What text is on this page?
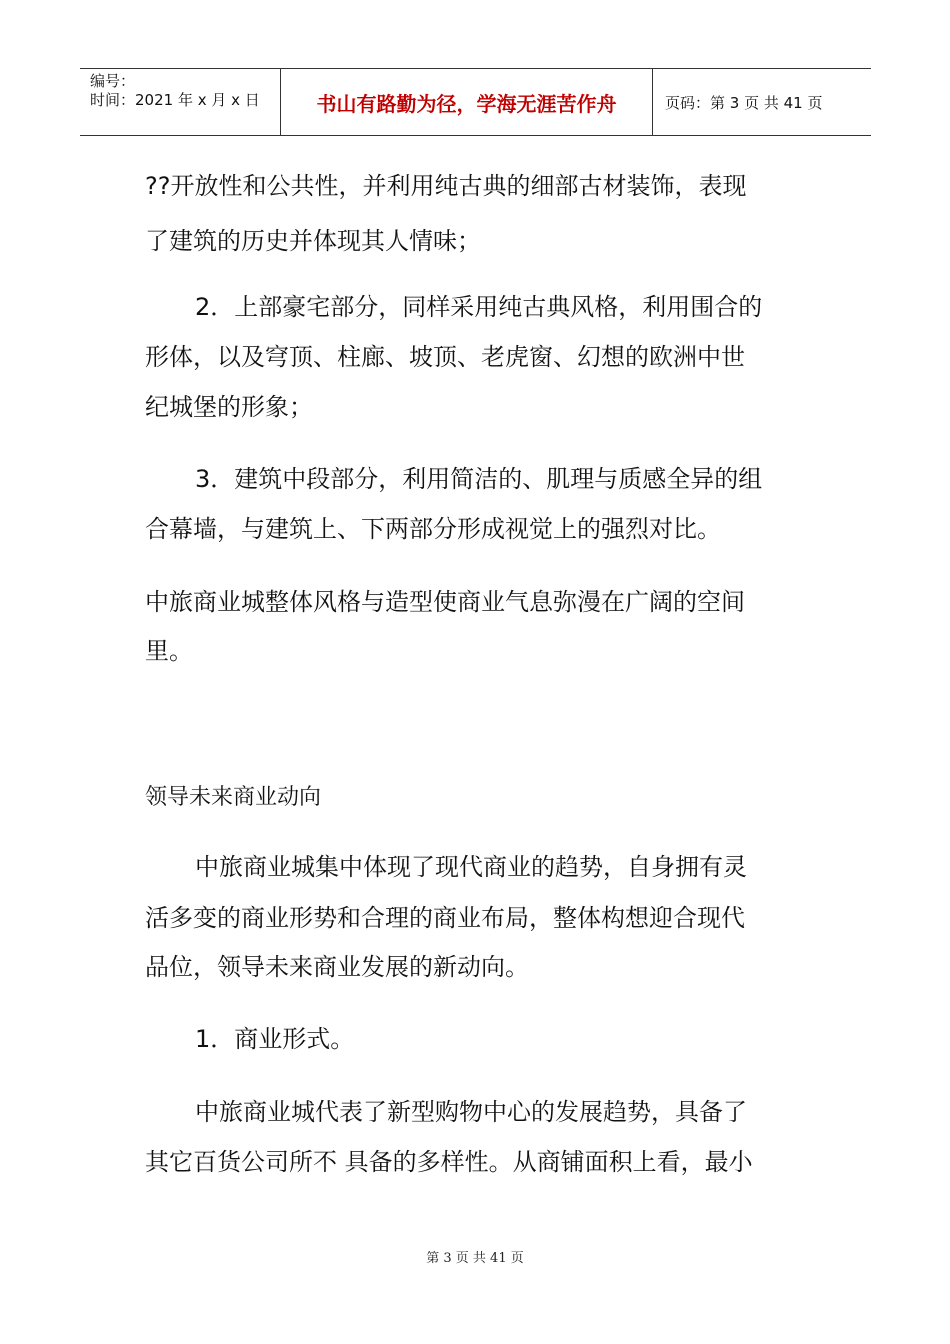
编号：
时间：2021 年 x 月 x 日	书山有路勤为径，学海无涯苦作舟	页码：第 3 页 共 41 页
??开放性和公共性，并利用纯古典的细部古材装饰，表现
了建筑的历史并体现其人情味；
2．上部豪宅部分，同样采用纯古典风格，利用围合的
形体，以及穹顶、柱廊、坡顶、老虎窗、幻想的欧洲中世
纪城堡的形象；
3．建筑中段部分，利用简洁的、肌理与质感全异的组
合幕墙，与建筑上、下两部分形成视觉上的强烈对比。
中旅商业城整体风格与造型使商业气息弥漫在广阔的空间
里。
领导未来商业动向
中旅商业城集中体现了现代商业的趋势，自身拥有灵
活多变的商业形势和合理的商业布局，整体构想迎合现代
品位，领导未来商业发展的新动向。
1．商业形式。
中旅商业城代表了新型购物中心的发展趋势，具备了
其它百货公司所不 具备的多样性。从商铺面积上看，最小
第 3 页 共 41 页
